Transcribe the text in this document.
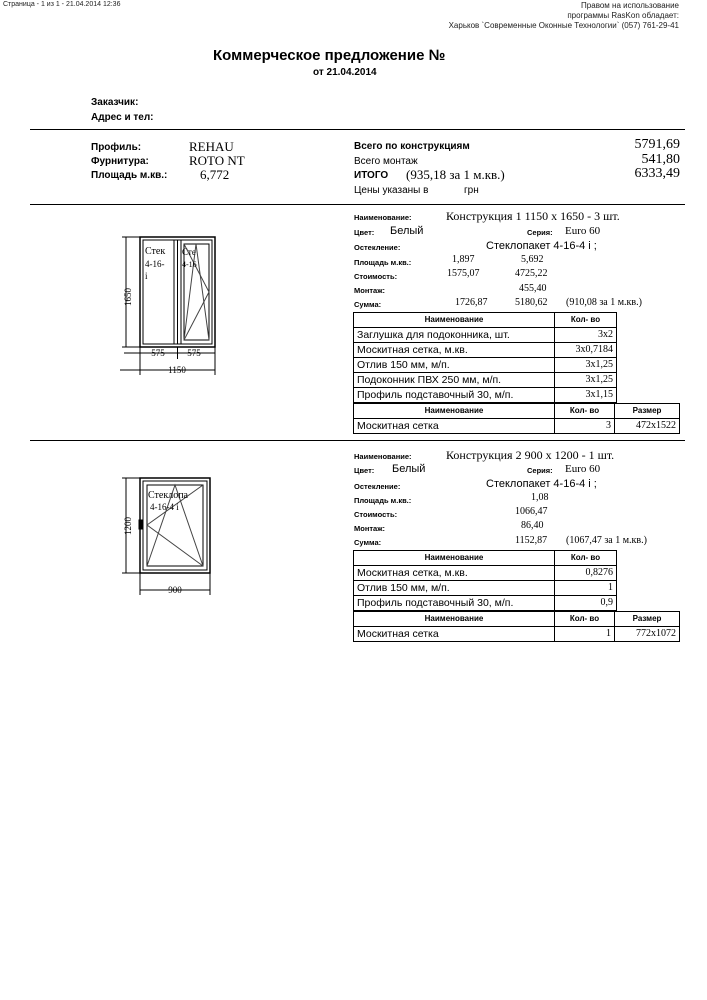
Страница - 1 из 1 - 21.04.2014 12:36	Правом на использование
программы RasKon обладает:
Харьков `Современные Оконные Технологии` (057) 761-29-41
Коммерческое предложение №
от 21.04.2014
Заказчик:
Адрес и тел:
Профиль:	REHAU
Фурнитура:	ROTO NT
Площадь м.кв.:	6,772
Всего по конструкциям	5791,69
Всего монтаж	541,80
ИТОГО (935,18 за 1 м.кв.)	6333,49
Цены указаны в	грн
1650
575	575
1150
Стек
4-16-
i
Сте
4-16
Наименование:	Конструкция 1 1150 х 1650 - 3 шт.
Цвет: Белый	Серия: Euro 60
Остекление:	Стеклопакет 4-16-4 i ;
Площадь м.кв.:	1,897	5,692
Стоимость:	1575,07	4725,22
Монтаж:	455,40
Сумма:	1726,87	5180,62 (910,08 за 1 м.кв.)
Наименование	Кол- во
Заглушка для подоконника, шт.	3x2
Москитная сетка, м.кв.	3x0,7184
Отлив 150 мм, м/п.	3x1,25
Подоконник ПВХ 250 мм, м/п.	3x1,25
Профиль подставочный 30, м/п.	3x1,15
Наименование	Кол- во	Размер
Москитная сетка	3	472x1522
1200
900
Стеклопа
4-16-4 i
Наименование:	Конструкция 2 900 х 1200 - 1 шт.
Цвет: Белый	Серия: Euro 60
Остекление:	Стеклопакет 4-16-4 i ;
Площадь м.кв.:	1,08
Стоимость:	1066,47
Монтаж:	86,40
Сумма:	1152,87 (1067,47 за 1 м.кв.)
Наименование	Кол- во
Москитная сетка, м.кв.	0,8276
Отлив 150 мм, м/п.	1
Профиль подставочный 30, м/п.	0,9
Наименование	Кол- во	Размер
Москитная сетка	1	772x1072
